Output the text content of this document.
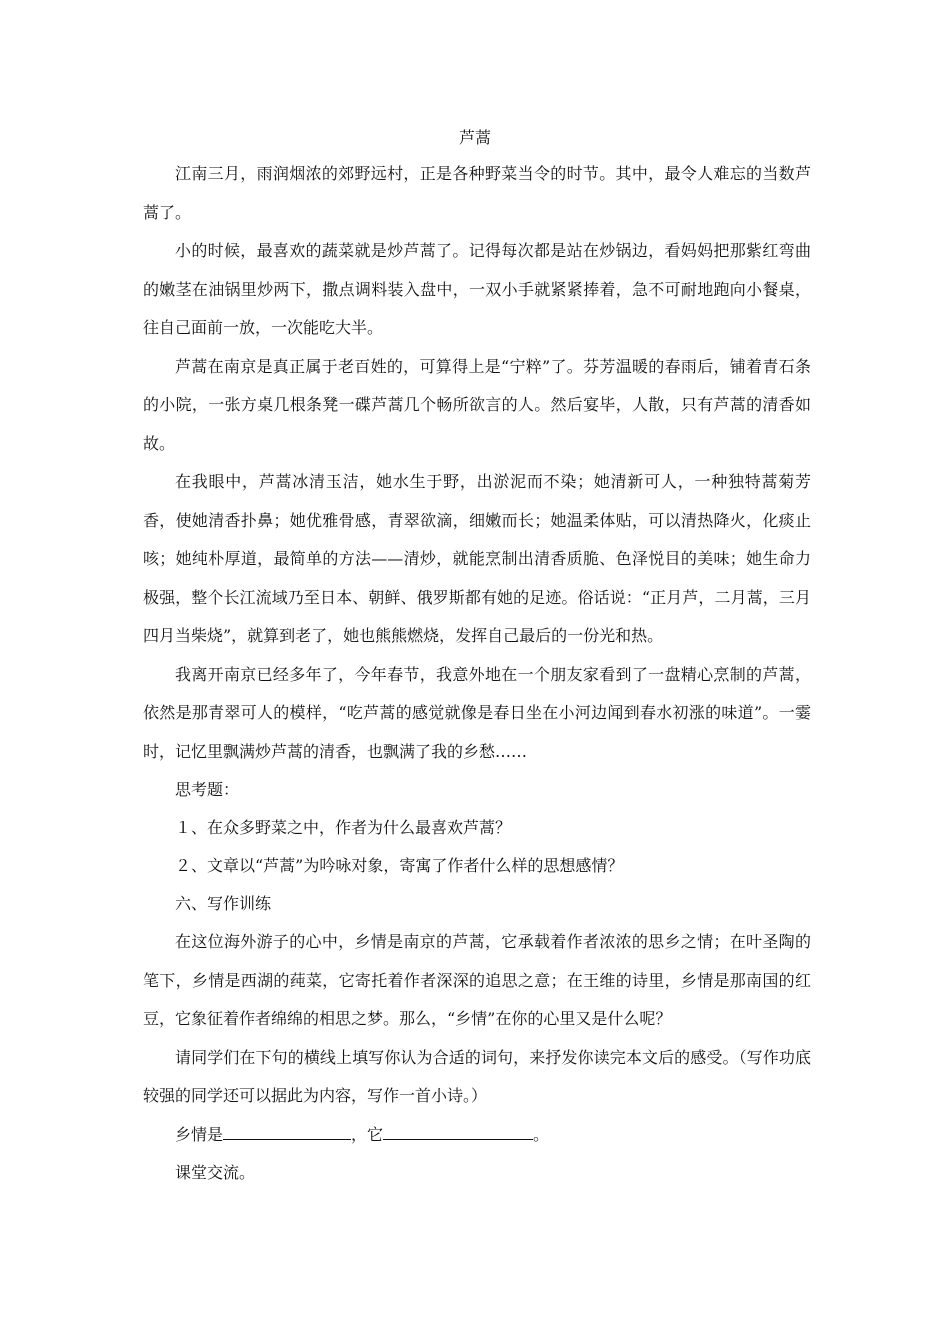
芦蒿

江南三月，雨润烟浓的郊野远村，正是各种野菜当令的时节。其中，最令人难忘的当数芦蒿了。

小的时候，最喜欢的蔬菜就是炒芦蒿了。记得每次都是站在炒锅边，看妈妈把那紫红弯曲的嫩茎在油锅里炒两下，撒点调料装入盘中，一双小手就紧紧捧着，急不可耐地跑向小餐桌，往自己面前一放，一次能吃大半。

芦蒿在南京是真正属于老百姓的，可算得上是“宁粹”了。芬芳温暖的春雨后，铺着青石条的小院，一张方桌几根条凳一碟芦蒿几个畅所欲言的人。然后宴毕，人散，只有芦蒿的清香如故。

在我眼中，芦蒿冰清玉洁，她水生于野，出淤泥而不染；她清新可人，一种独特蒿菊芳香，使她清香扑鼻；她优雅骨感，青翠欲滴，细嫩而长；她温柔体贴，可以清热降火，化痰止咳；她纯朴厚道，最简单的方法——清炒，就能烹制出清香质脆、色泽悦目的美味；她生命力极强，整个长江流域乃至日本、朝鲜、俄罗斯都有她的足迹。俗话说：“正月芦，二月蒿，三月四月当柴烧”，就算到老了，她也熊熊燃烧，发挥自己最后的一份光和热。

我离开南京已经多年了，今年春节，我意外地在一个朋友家看到了一盘精心烹制的芦蒿，依然是那青翠可人的模样，“吃芦蒿的感觉就像是春日坐在小河边闻到春水初涨的味道”。一霎时，记忆里飘满炒芦蒿的清香，也飘满了我的乡愁……

思考题：

１、在众多野菜之中，作者为什么最喜欢芦蒿？

２、文章以“芦蒿”为吟咏对象，寄寓了作者什么样的思想感情？

六、写作训练

在这位海外游子的心中，乡情是南京的芦蒿，它承载着作者浓浓的思乡之情；在叶圣陶的笔下，乡情是西湖的莼菜，它寄托着作者深深的追思之意；在王维的诗里，乡情是那南国的红豆，它象征着作者绵绵的相思之梦。那么，“乡情”在你的心里又是什么呢？

请同学们在下句的横线上填写你认为合适的词句，来抒发你读完本文后的感受。（写作功底较强的同学还可以据此为内容，写作一首小诗。）

乡情是	，它	。

课堂交流。
